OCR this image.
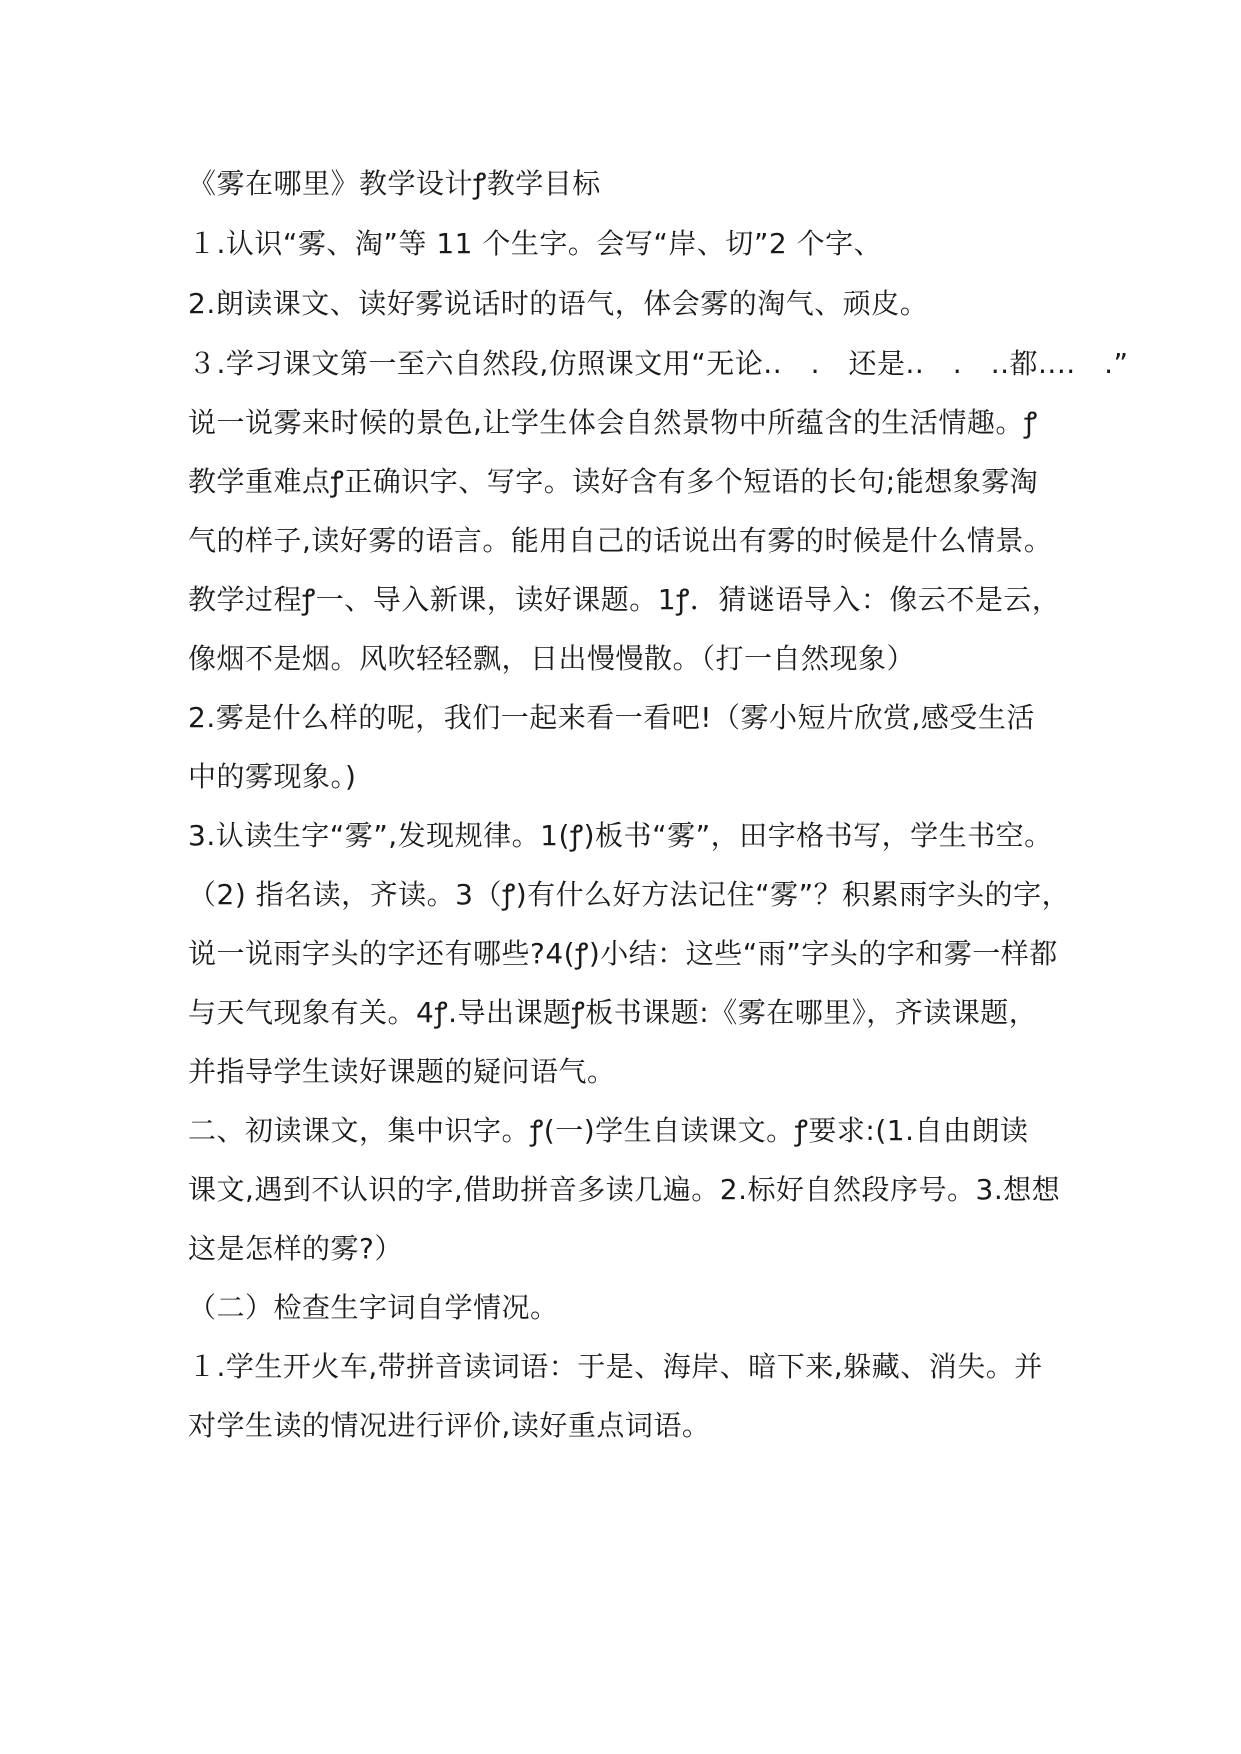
《雾在哪里》教学设计ꝭ教学目标
１.认识“雾、淘”等 11 个生字。会写“岸、切”2 个字、
2.朗读课文、读好雾说话时的语气，体会雾的淘气、顽皮。
３.学习课文第一至六自然段,仿照课文用“无论..　.　还是..　.　..都....　.”
说一说雾来时候的景色,让学生体会自然景物中所蕴含的生活情趣。ꝭ
教学重难点ꝭ正确识字、写字。读好含有多个短语的长句;能想象雾淘
气的样子,读好雾的语言。能用自己的话说出有雾的时候是什么情景。
教学过程ꝭ一、导入新课，读好课题。1ꝭ．猜谜语导入：像云不是云，
像烟不是烟。风吹轻轻飘，日出慢慢散。（打一自然现象）
2.雾是什么样的呢，我们一起来看一看吧!（雾小短片欣赏,感受生活
中的雾现象。)
3.认读生字“雾”,发现规律。1(ꝭ)板书“雾”，田字格书写，学生书空。
（2) 指名读，齐读。3（ꝭ)有什么好方法记住“雾”？积累雨字头的字，
说一说雨字头的字还有哪些?4(ꝭ)小结：这些“雨”字头的字和雾一样都
与天气现象有关。4ꝭ.导出课题ꝭ板书课题:《雾在哪里》，齐读课题，
并指导学生读好课题的疑问语气。
二、初读课文，集中识字。ꝭ(一)学生自读课文。ꝭ要求:(1.自由朗读
课文,遇到不认识的字,借助拼音多读几遍。2.标好自然段序号。3.想想
这是怎样的雾?）
（二）检查生字词自学情况。
１.学生开火车,带拼音读词语：于是、海岸、暗下来,躲藏、消失。并
对学生读的情况进行评价,读好重点词语。
